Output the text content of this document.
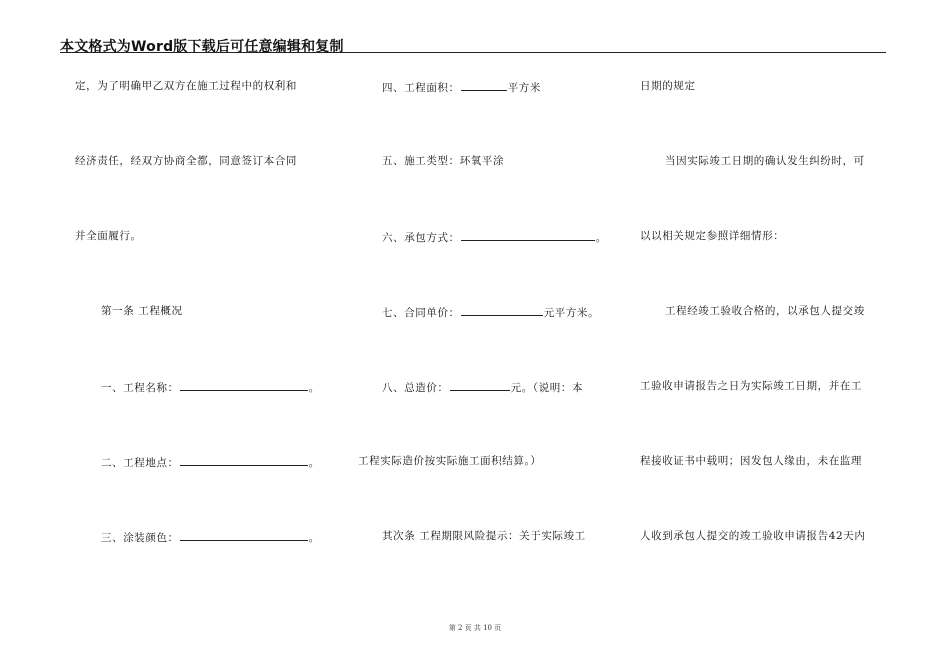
本文格式为Word版下载后可任意编辑和复制
定，为了明确甲乙双方在施工过程中的权利和
经济责任，经双方协商全都，同意签订本合同
并全面履行。
第一条 工程概况
一、工程名称：	。
二、工程地点：	。
三、涂装颜色：	。
四、工程面积：	平方米
五、施工类型：环氧平涂
六、承包方式：	。
七、合同单价：	元平方米。
八、总造价：	元。（说明：本
工程实际造价按实际施工面积结算。）
其次条 工程期限风险提示：关于实际竣工
日期的规定
当因实际竣工日期的确认发生纠纷时，可
以以相关规定参照详细情形：
工程经竣工验收合格的，以承包人提交竣
工验收申请报告之日为实际竣工日期，并在工
程接收证书中载明；因发包人缘由，未在监理
人收到承包人提交的竣工验收申请报告42天内
第 2 页 共 10 页
